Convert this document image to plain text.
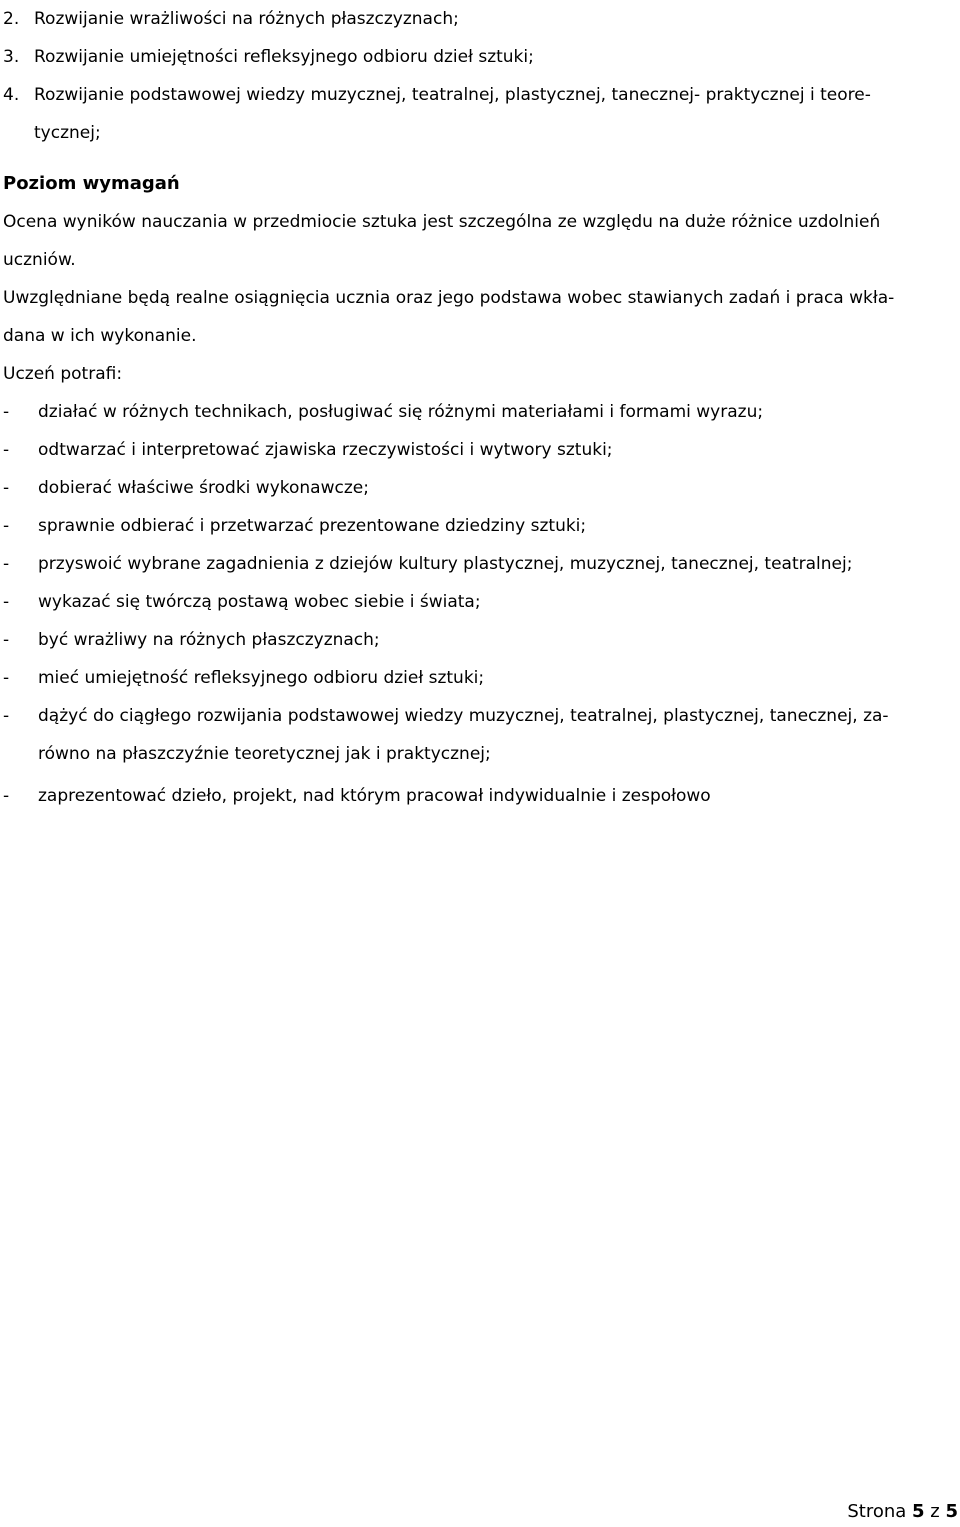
2. Rozwijanie wrażliwości na różnych płaszczyznach;
3. Rozwijanie umiejętności refleksyjnego odbioru dzieł sztuki;
4. Rozwijanie podstawowej wiedzy muzycznej, teatralnej, plastycznej, tanecznej- praktycznej i teore-
tycznej;
Poziom wymagań
Ocena wyników nauczania w przedmiocie sztuka jest szczególna ze względu na duże różnice uzdolnień
uczniów.
Uwzględniane będą realne osiągnięcia ucznia oraz jego podstawa wobec stawianych zadań i praca wkła-
dana w ich wykonanie.
Uczeń potrafi:
- działać w różnych technikach, posługiwać się różnymi materiałami i formami wyrazu;
- odtwarzać i interpretować zjawiska rzeczywistości i wytwory sztuki;
- dobierać właściwe środki wykonawcze;
- sprawnie odbierać i przetwarzać prezentowane dziedziny sztuki;
- przyswoić wybrane zagadnienia z dziejów kultury plastycznej, muzycznej, tanecznej, teatralnej;
- wykazać się twórczą postawą wobec siebie i świata;
- być wrażliwy na różnych płaszczyznach;
- mieć umiejętność refleksyjnego odbioru dzieł sztuki;
- dążyć do ciągłego rozwijania podstawowej wiedzy muzycznej, teatralnej, plastycznej, tanecznej, za-
równo na płaszczyźnie teoretycznej jak i praktycznej;
- zaprezentować dzieło, projekt, nad którym pracował indywidualnie i zespołowo
Strona 5 z 5
